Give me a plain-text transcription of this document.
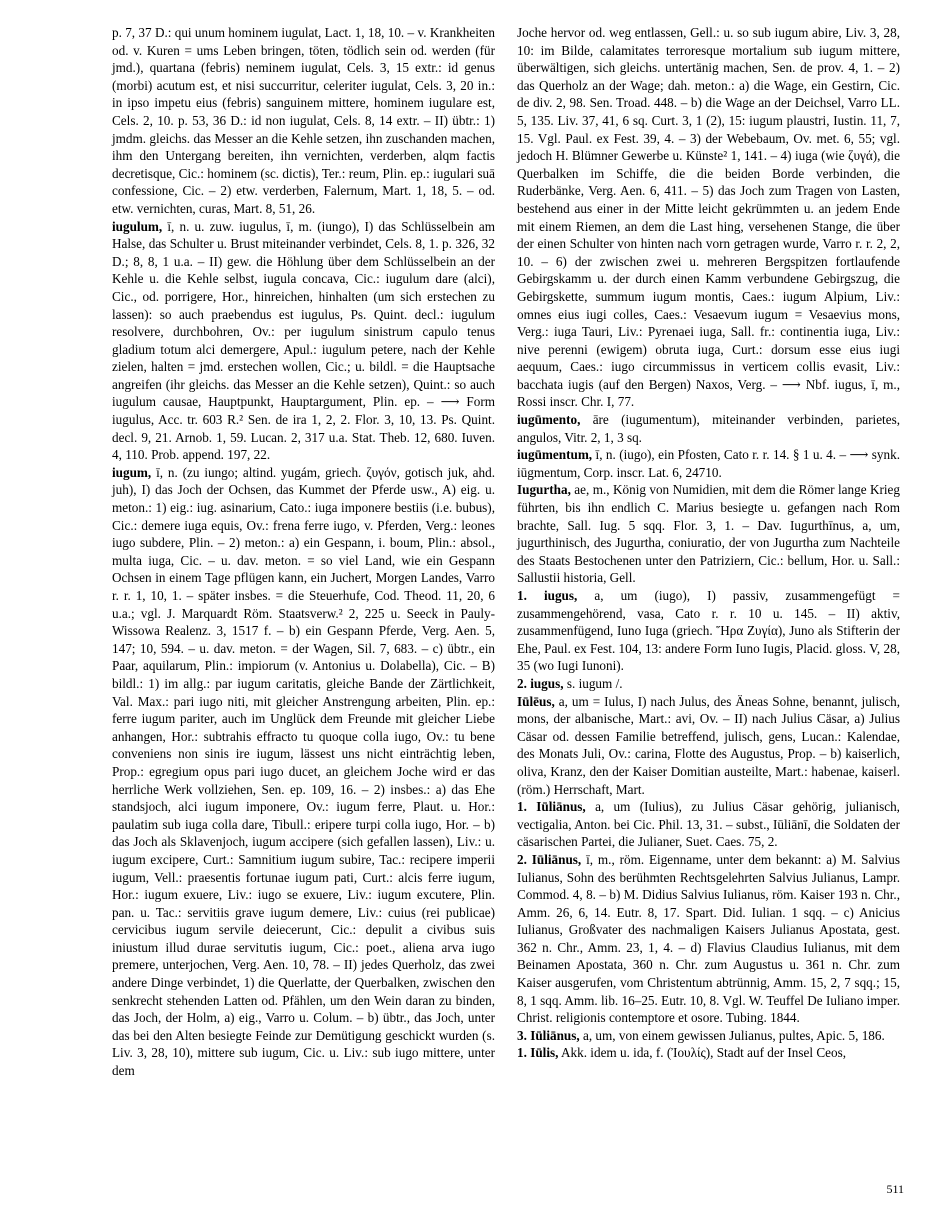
p. 7, 37 D.: qui unum hominem iugulat, Lact. 1, 18, 10. – v. Krankheiten od. v. Kuren = ums Leben bringen, töten, tödlich sein od. werden (für jmd.), quartana (febris) neminem iugulat, Cels. 3, 15 extr.: id genus (morbi) acutum est, et nisi succurritur, celeriter iugulat, Cels. 3, 20 in.: in ipso impetu eius (febris) sanguinem mittere, hominem iugulare est, Cels. 2, 10. p. 53, 36 D.: id non iugulat, Cels. 8, 14 extr. – II) übtr.: 1) jmdm. gleichs. das Messer an die Kehle setzen, ihn zuschanden machen, ihm den Untergang bereiten, ihn vernichten, verderben, alqm factis decretisque, Cic.: hominem (sc. dictis), Ter.: reum, Plin. ep.: iugulari suā confessione, Cic. – 2) etw. verderben, Falernum, Mart. 1, 18, 5. – od. etw. vernichten, curas, Mart. 8, 51, 26.

iugulum, ī, n. u. zuw. iugulus, ī, m. (iungo), I) das Schlüsselbein am Halse, das Schulter u. Brust miteinander verbindet, Cels. 8, 1. p. 326, 32 D.; 8, 8, 1 u.a. – II) gew. die Höhlung über dem Schlüsselbein an der Kehle u. die Kehle selbst, iugula concava, Cic.: iugulum dare (alci), Cic., od. porrigere, Hor., hinreichen, hinhalten (um sich erstechen zu lassen): so auch praebendus est iugulus, Ps. Quint. decl.: iugulum resolvere, durchbohren, Ov.: per iugulum sinistrum capulo tenus gladium totum alci demergere, Apul.: iugulum petere, nach der Kehle zielen, halten = jmd. erstechen wollen, Cic.; u. bildl. = die Hauptsache angreifen (ihr gleichs. das Messer an die Kehle setzen), Quint.: so auch iugulum causae, Hauptpunkt, Hauptargument, Plin. ep. – ⟶ Form iugulus, Acc. tr. 603 R.² Sen. de ira 1, 2, 2. Flor. 3, 10, 13. Ps. Quint. decl. 9, 21. Arnob. 1, 59. Lucan. 2, 317 u.a. Stat. Theb. 12, 680. Iuven. 4, 110. Prob. append. 197, 22.

iugum, ī, n. (zu iungo; altind. yugám, griech. ζυγόν, gotisch juk, ahd. juh), I) das Joch der Ochsen, das Kummet der Pferde usw., A) eig. u. meton.: 1) eig.: iug. asinarium, Cato.: iuga imponere bestiis (i.e. bubus), Cic.: demere iuga equis, Ov.: frena ferre iugo, v. Pferden, Verg.: leones iugo subdere, Plin. – 2) meton.: a) ein Gespann, i. boum, Plin.: absol., multa iuga, Cic. – u. dav. meton. = so viel Land, wie ein Gespann Ochsen in einem Tage pflügen kann, ein Juchert, Morgen Landes, Varro r. r. 1, 10, 1. – später insbes. = die Steuerhufe, Cod. Theod. 11, 20, 6 u.a.; vgl. J. Marquardt Röm. Staatsverw.² 2, 225 u. Seeck in Pauly-Wissowa Realenz. 3, 1517 f. – b) ein Gespann Pferde, Verg. Aen. 5, 147; 10, 594. – u. dav. meton. = der Wagen, Sil. 7, 683. – c) übtr., ein Paar, aquilarum, Plin.: impiorum (v. Antonius u. Dolabella), Cic. – B) bildl.: 1) im allg.: par iugum caritatis, gleiche Bande der Zärtlichkeit, Val. Max.: pari iugo niti, mit gleicher Anstrengung arbeiten, Plin. ep.: ferre iugum pariter, auch im Unglück dem Freunde mit gleicher Liebe anhangen, Hor.: subtrahis effracto tu quoque colla iugo, Ov.: tu bene conveniens non sinis ire iugum, lässest uns nicht einträchtig leben, Prop.: egregium opus pari iugo ducet, an gleichem Joche wird er das herrliche Werk vollziehen, Sen. ep. 109, 16. – 2) insbes.: a) das Ehe standsjoch, alci iugum imponere, Ov.: iugum ferre, Plaut. u. Hor.: paulatim sub iuga colla dare, Tibull.: eripere turpi colla iugo, Hor. – b) das Joch als Sklavenjoch, iugum accipere (sich gefallen lassen), Liv.: u. iugum excipere, Curt.: Samnitium iugum subire, Tac.: recipere imperii iugum, Vell.: praesentis fortunae iugum pati, Curt.: alcis ferre iugum, Hor.: iugum exuere, Liv.: iugo se exuere, Liv.: iugum excutere, Plin. pan. u. Tac.: servitiis grave iugum demere, Liv.: cuius (rei publicae) cervicibus iugum servile deiecerunt, Cic.: depulit a civibus suis iniustum illud durae servitutis iugum, Cic.: poet., aliena arva iugo premere, unterjochen, Verg. Aen. 10, 78. – II) jedes Querholz, das zwei andere Dinge verbindet, 1) die Querlatte, der Querbalken, zwischen den senkrecht stehenden Latten od. Pfählen, um den Wein daran zu binden, das Joch, der Holm, a) eig., Varro u. Colum. – b) übtr., das Joch, unter das bei den Alten besiegte Feinde zur Demütigung geschickt wurden (s. Liv. 3, 28, 10), mittere sub iugum, Cic. u. Liv.: sub iugo mittere, unter dem

Joche hervor od. weg entlassen, Gell.: u. so sub iugum abire, Liv. 3, 28, 10: im Bilde, calamitates terroresque mortalium sub iugum mittere, überwältigen, sich gleichs. untertänig machen, Sen. de prov. 4, 1. – 2) das Querholz an der Wage; dah. meton.: a) die Wage, ein Gestirn, Cic. de div. 2, 98. Sen. Troad. 448. – b) die Wage an der Deichsel, Varro LL. 5, 135. Liv. 37, 41, 6 sq. Curt. 3, 1 (2), 15: iugum plaustri, Iustin. 11, 7, 15. Vgl. Paul. ex Fest. 39, 4. – 3) der Webebaum, Ov. met. 6, 55; vgl. jedoch H. Blümner Gewerbe u. Künste² 1, 141. – 4) iuga (wie ζυγά), die Querbalken im Schiffe, die die beiden Borde verbinden, die Ruderbänke, Verg. Aen. 6, 411. – 5) das Joch zum Tragen von Lasten, bestehend aus einer in der Mitte leicht gekrümmten u. an jedem Ende mit einem Riemen, an dem die Last hing, versehenen Stange, die über der einen Schulter von hinten nach vorn getragen wurde, Varro r. r. 2, 2, 10. – 6) der zwischen zwei u. mehreren Bergspitzen fortlaufende Gebirgskamm u. der durch einen Kamm verbundene Gebirgszug, die Gebirgskette, summum iugum montis, Caes.: iugum Alpium, Liv.: omnes eius iugi colles, Caes.: Vesaevum iugum = Vesaevius mons, Verg.: iuga Tauri, Liv.: Pyrenaei iuga, Sall. fr.: continentia iuga, Liv.: nive perenni (ewigem) obruta iuga, Curt.: dorsum esse eius iugi aequum, Caes.: iugo circummissus in verticem collis evasit, Liv.: bacchata iugis (auf den Bergen) Naxos, Verg. – ⟶ Nbf. iugus, ī, m., Rossi inscr. Chr. I, 77.

iugūmento, āre (iugumentum), miteinander verbinden, parietes, angulos, Vitr. 2, 1, 3 sq.

iugūmentum, ī, n. (iugo), ein Pfosten, Cato r. r. 14. § 1 u. 4. – ⟶ synk. iūgmentum, Corp. inscr. Lat. 6, 24710.

Iugurtha, ae, m., König von Numidien, mit dem die Römer lange Krieg führten, bis ihn endlich C. Marius besiegte u. gefangen nach Rom brachte, Sall. Iug. 5 sqq. Flor. 3, 1. – Dav. Iugurthīnus, a, um, jugurthinisch, des Jugurtha, coniuratio, der von Jugurtha zum Nachteile des Staats Bestochenen unter den Patriziern, Cic.: bellum, Hor. u. Sall.: Sallustii historia, Gell.

1. iugus, a, um (iugo), I) passiv, zusammengefügt = zusammengehörend, vasa, Cato r. r. 10 u. 145. – II) aktiv, zusammenfügend, Iuno Iuga (griech. Ἥρα Ζυγία), Juno als Stifterin der Ehe, Paul. ex Fest. 104, 13: andere Form Iuno Iugis, Placid. gloss. V, 28, 35 (wo Iugi Iunoni).

2. iugus, s. iugum /.

Iūlēus, a, um = Iulus, I) nach Julus, des Äneas Sohne, benannt, julisch, mons, der albanische, Mart.: avi, Ov. – II) nach Julius Cäsar, a) Julius Cäsar od. dessen Familie betreffend, julisch, gens, Lucan.: Kalendae, des Monats Juli, Ov.: carina, Flotte des Augustus, Prop. – b) kaiserlich, oliva, Kranz, den der Kaiser Domitian austeilte, Mart.: habenae, kaiserl. (röm.) Herrschaft, Mart.

1. Iūliānus, a, um (Iulius), zu Julius Cäsar gehörig, julianisch, vectigalia, Anton. bei Cic. Phil. 13, 31. – subst., Iūliānī, die Soldaten der cäsarischen Partei, die Julianer, Suet. Caes. 75, 2.

2. Iūliānus, ī, m., röm. Eigenname, unter dem bekannt: a) M. Salvius Iulianus, Sohn des berühmten Rechtsgelehrten Salvius Julianus, Lampr. Commod. 4, 8. – b) M. Didius Salvius Iulianus, röm. Kaiser 193 n. Chr., Amm. 26, 6, 14. Eutr. 8, 17. Spart. Did. Iulian. 1 sqq. – c) Anicius Iulianus, Großvater des nachmaligen Kaisers Julianus Apostata, gest. 362 n. Chr., Amm. 23, 1, 4. – d) Flavius Claudius Iulianus, mit dem Beinamen Apostata, 360 n. Chr. zum Augustus u. 361 n. Chr. zum Kaiser ausgerufen, vom Christentum abtrünnig, Amm. 15, 2, 7 sqq.; 15, 8, 1 sqq. Amm. lib. 16–25. Eutr. 10, 8. Vgl. W. Teuffel De Iuliano imper. Christ. religionis contemptore et osore. Tubing. 1844.

3. Iūliānus, a, um, von einem gewissen Julianus, pultes, Apic. 5, 186.

1. Iūlis, Akk. idem u. ida, f. (Ἰουλίς), Stadt auf der Insel Ceos,

511
